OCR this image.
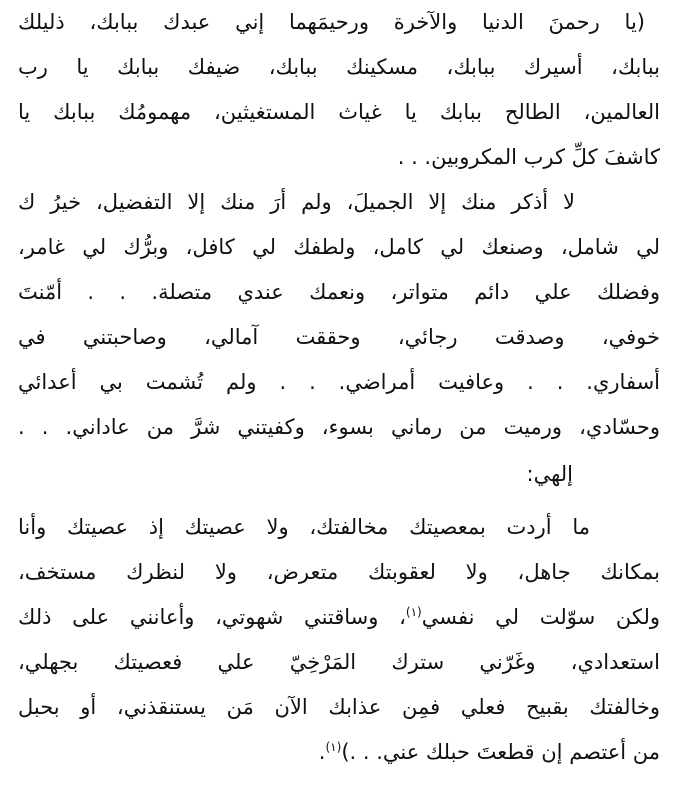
(يا رحمنَ الدنيا والآخرة ورحيمَهما إني عبدك ببابك، ذليلك
ببابك، أسيرك ببابك، مسكينك ببابك، ضيفك ببابك يا رب
العالمين، الطالح ببابك يا غياث المستغيثين، مهمومُك ببابك يا
كاشفَ كلِّ كرب المكروبين. . .
لا أذكر منك إلا الجميلَ، ولم أرَ منك إلا التفضيل، خيرُ ك
لي شامل، وصنعك لي كامل، ولطفك لي كافل، وبرُّك لي غامر،
وفضلك علي دائم متواتر، ونعمك عندي متصلة. . . أمّنتَ
خوفي، وصدقت رجائي، وحققت آمالي، وصاحبتني في
أسفاري. . . وعافيت أمراضي. . . ولم تُشمت بي أعدائي
وحسّادي، ورميت من رماني بسوء، وكفيتني شرَّ من عاداني. . .
إلهي:
ما أردت بمعصيتك مخالفتك، ولا عصيتك إذ عصيتك وأنا
بمكانك جاهل، ولا لعقوبتك متعرض، ولا لنظرك مستخف،
ولكن سوّلت لي نفسي$^{(١)}$، وساقتني شهوتي، وأعانني على ذلك
استعدادي، وغَرّني سترك المَرْخِيّ علي فعصيتك بجهلي،
وخالفتك بقبيح فعلي فمِن عذابك الآن مَن يستنقذني، أو بحبل
من أعتصم إن قطعتَ حبلك عني. . .)$^{(١)}$.
